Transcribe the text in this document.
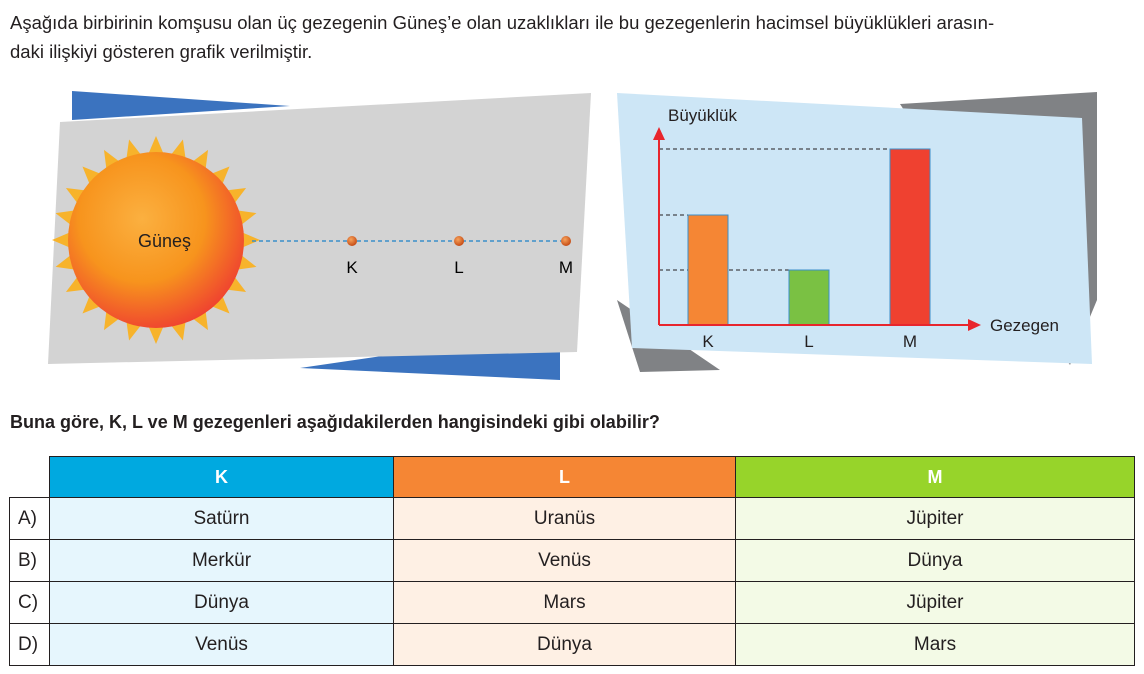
Aşağıda birbirinin komşusu olan üç gezegenin Güneş’e olan uzaklıkları ile bu gezegenlerin hacimsel büyüklükleri arasın-
daki ilişkiyi gösteren grafik verilmiştir.
Güneş
K	L	M
Büyüklük
Gezegen
K	L	M
Buna göre, K, L ve M gezegenleri aşağıdakilerden hangisindeki gibi olabilir?
	K	L	M
A)	Satürn	Uranüs	Jüpiter
B)	Merkür	Venüs	Dünya
C)	Dünya	Mars	Jüpiter
D)	Venüs	Dünya	Mars
